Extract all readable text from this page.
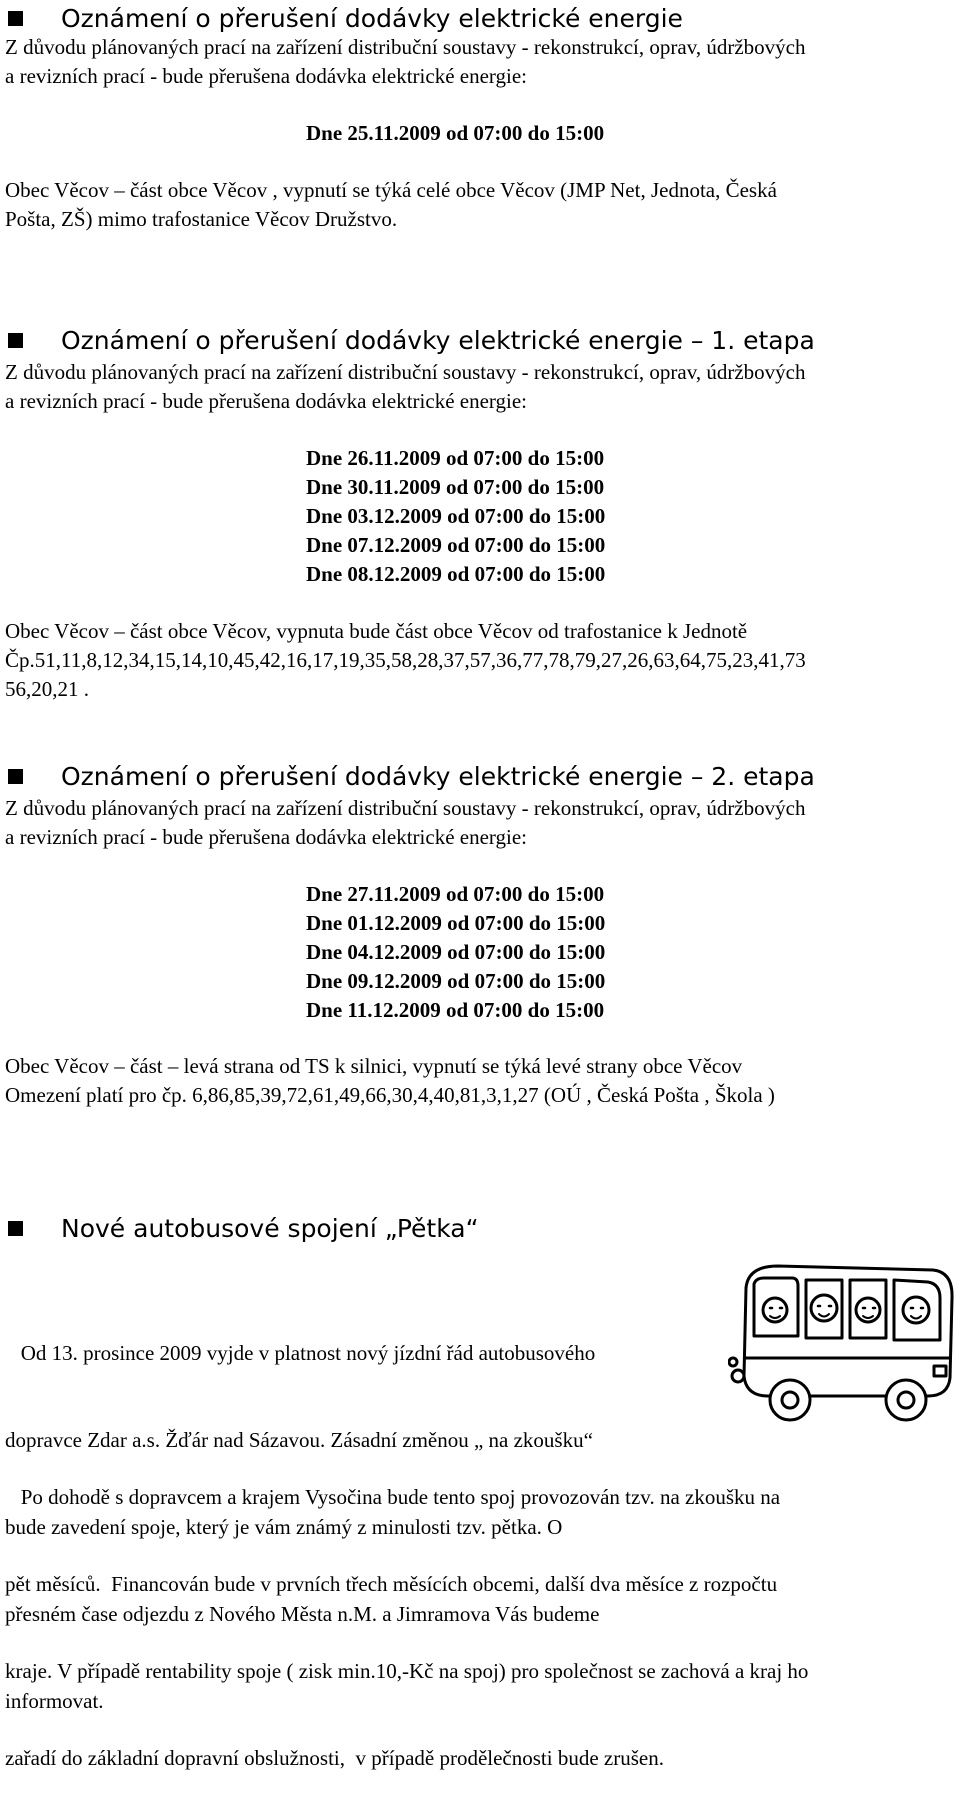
Oznámení o přerušení dodávky elektrické energie

Z důvodu plánovaných prací na zařízení distribuční soustavy - rekonstrukcí, oprav, údržbových

a revizních prací - bude přerušena dodávka elektrické energie:

Dne 25.11.2009 od 07:00 do 15:00

Obec Věcov – část obce Věcov , vypnutí se týká celé obce Věcov (JMP Net, Jednota, Česká

Pošta, ZŠ) mimo trafostanice Věcov Družstvo.

Oznámení o přerušení dodávky elektrické energie – 1. etapa

Z důvodu plánovaných prací na zařízení distribuční soustavy - rekonstrukcí, oprav, údržbových

a revizních prací - bude přerušena dodávka elektrické energie:

Dne 26.11.2009 od 07:00 do 15:00
Dne 30.11.2009 od 07:00 do 15:00
Dne 03.12.2009 od 07:00 do 15:00
Dne 07.12.2009 od 07:00 do 15:00
Dne 08.12.2009 od 07:00 do 15:00

Obec Věcov – část obce Věcov, vypnuta bude část obce Věcov od trafostanice k Jednotě

Čp.51,11,8,12,34,15,14,10,45,42,16,17,19,35,58,28,37,57,36,77,78,79,27,26,63,64,75,23,41,73

56,20,21 .

Oznámení o přerušení dodávky elektrické energie – 2. etapa

Z důvodu plánovaných prací na zařízení distribuční soustavy - rekonstrukcí, oprav, údržbových

a revizních prací - bude přerušena dodávka elektrické energie:

Dne 27.11.2009 od 07:00 do 15:00
Dne 01.12.2009 od 07:00 do 15:00
Dne 04.12.2009 od 07:00 do 15:00
Dne 09.12.2009 od 07:00 do 15:00
Dne 11.12.2009 od 07:00 do 15:00

Obec Věcov – část – levá strana od TS k silnici, vypnutí se týká levé strany obce Věcov

Omezení platí pro čp. 6,86,85,39,72,61,49,66,30,4,40,81,3,1,27 (OÚ , Česká Pošta , Škola )

Nové autobusové spojení „Pětka“

Od 13. prosince 2009 vyjde v platnost nový jízdní řád autobusového

dopravce Zdar a.s. Žďár nad Sázavou. Zásadní změnou „ na zkoušku“

bude zavedení spoje, který je vám známý z minulosti tzv. pětka. O

přesném čase odjezdu z Nového Města n.M. a Jimramova Vás budeme

informovat.

Po dohodě s dopravcem a krajem Vysočina bude tento spoj provozován tzv. na zkoušku na

pět měsíců.  Financován bude v prvních třech měsících obcemi, další dva měsíce z rozpočtu

kraje. V případě rentability spoje ( zisk min.10,-Kč na spoj) pro společnost se zachová a kraj ho

zařadí do základní dopravní obslužnosti,  v případě prodělečnosti bude zrušen.
